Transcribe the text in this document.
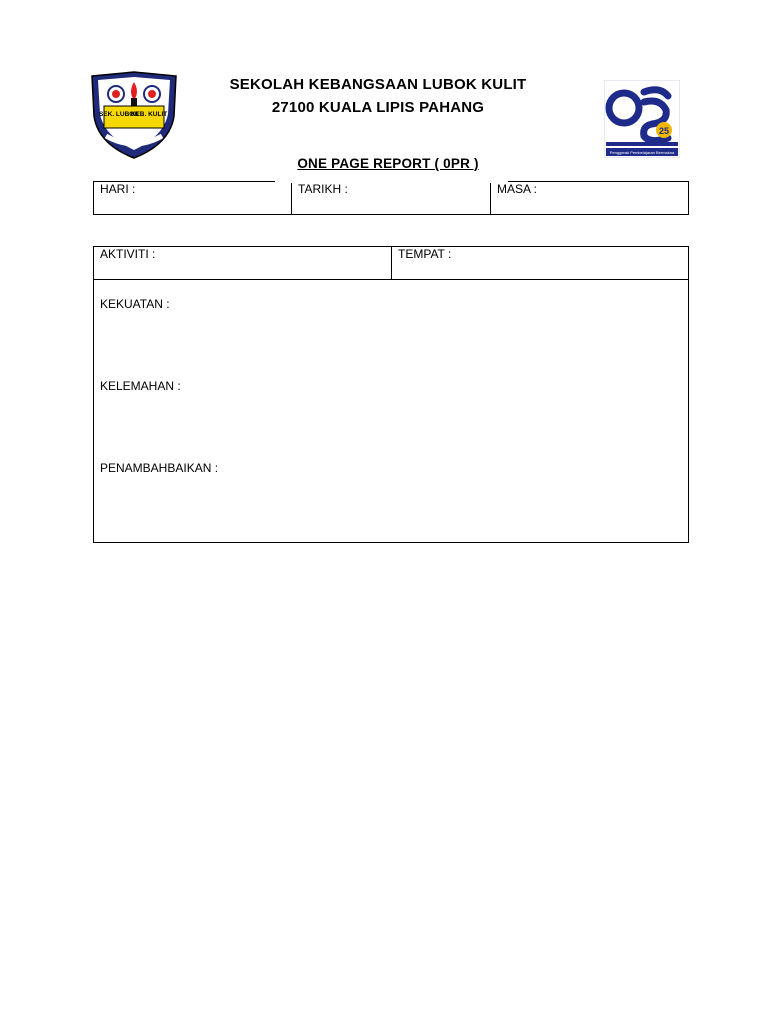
SEK. LUBOK
KEB. KULIT
SEKOLAH KEBANGSAAN LUBOK KULIT
27100 KUALA LIPIS PAHANG
25
Penggerak Pembelajaran Bermakna
ONE PAGE REPORT ( 0PR )
HARI :	TARIKH :	MASA :
AKTIVITI :	TEMPAT :
KEKUATAN :
KELEMAHAN :
PENAMBAHBAIKAN :
